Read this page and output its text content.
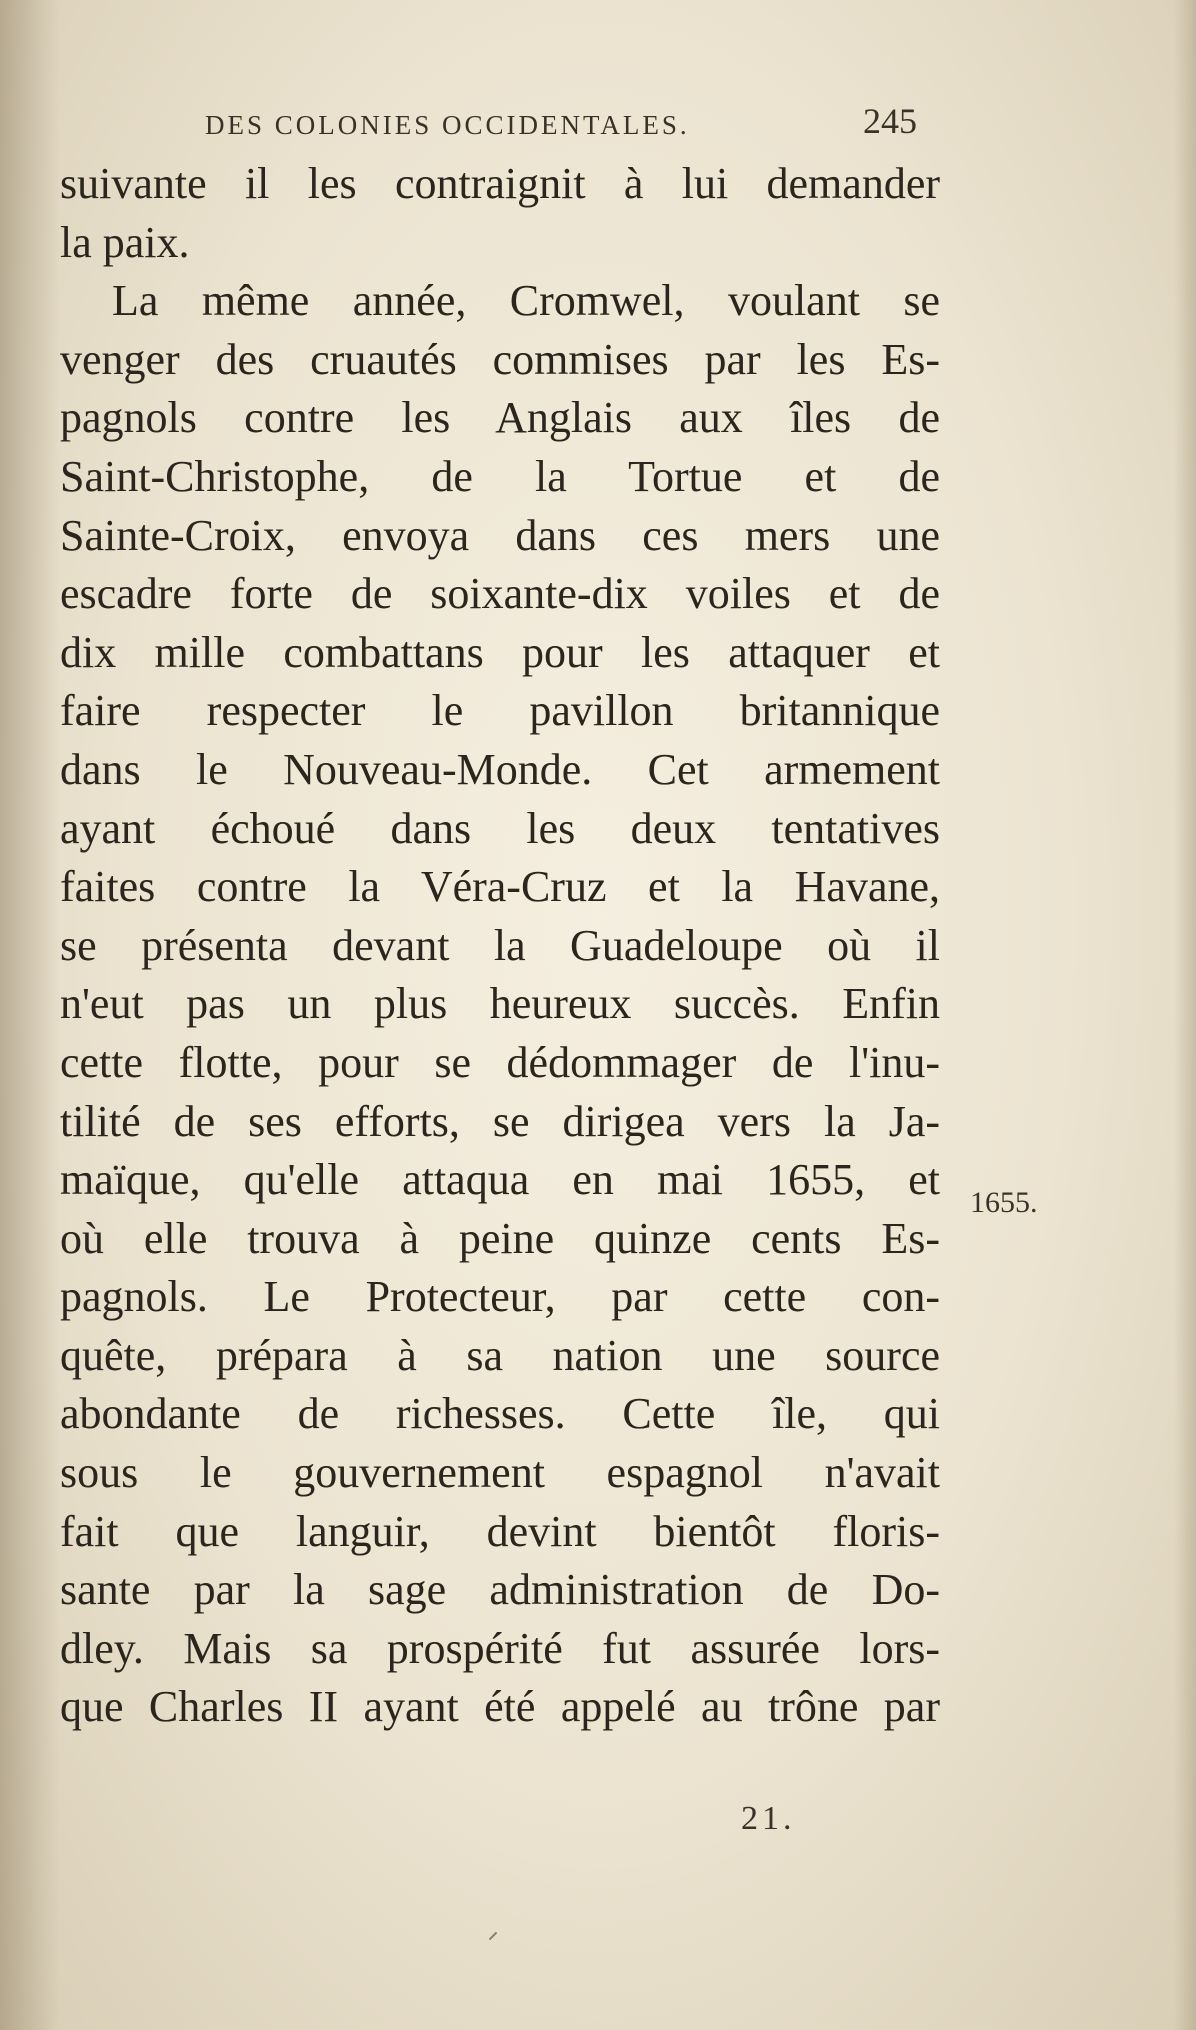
DES COLONIES OCCIDENTALES.	245
suivante il les contraignit à lui demander
la paix.
La même année, Cromwel, voulant se
venger des cruautés commises par les Es-
pagnols contre les Anglais aux îles de
Saint-Christophe, de la Tortue et de
Sainte-Croix, envoya dans ces mers une
escadre forte de soixante-dix voiles et de
dix mille combattans pour les attaquer et
faire respecter le pavillon britannique
dans le Nouveau-Monde. Cet armement
ayant échoué dans les deux tentatives
faites contre la Véra-Cruz et la Havane,
se présenta devant la Guadeloupe où il
n'eut pas un plus heureux succès. Enfin
cette flotte, pour se dédommager de l'inu-
tilité de ses efforts, se dirigea vers la Ja-
maïque, qu'elle attaqua en mai 1655, et
où elle trouva à peine quinze cents Es-
pagnols. Le Protecteur, par cette con-
quête, prépara à sa nation une source
abondante de richesses. Cette île, qui
sous le gouvernement espagnol n'avait
fait que languir, devint bientôt floris-
sante par la sage administration de Do-
dley. Mais sa prospérité fut assurée lors-
que Charles II ayant été appelé au trône par
1655.
21.
